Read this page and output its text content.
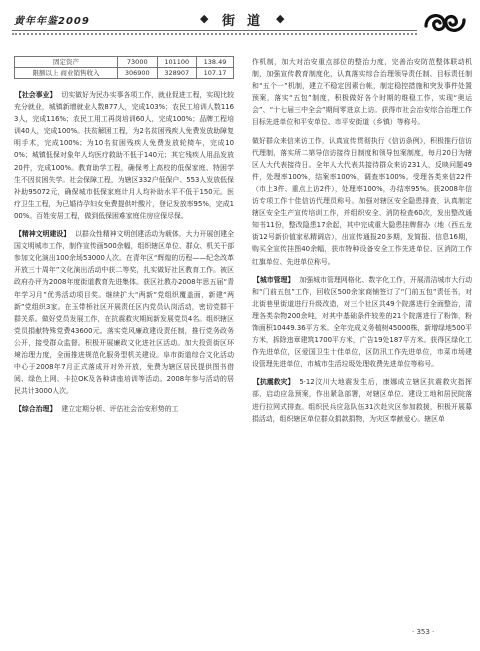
黄年年鉴2009	◆ 街道 ◆
固定资产	73000	101100	138.49
限额以上 商业销售收入	306900	328907	107.17

【社会事业】 切实做好为民办实事各项工作，就业促进工程，实现比较充分就业，城镇新增就业人数877人，完成103%；农民工培训人数1163人，完成116%；农民工用工再岗培训60人，完成100%；品牌工程培训40人，完成100%。扶贫解困工程，为2名贫困残疾人免费发放助障复明手术，完成100%；为10名贫困残疾人免费发放轮椅车，完成100%；城镇低保对象年人均医疗救助不低于140元；其它残疾人用品发放20件，完成100%。教育助学工程，确保考上高校的低保家庭、特困学生不因贫困失学。社会保障工程，为辖区332户低保户、553人发放低保补助95072元，确保城市低保家庭计月人均补助水平不低于150元。医疗卫生工程，为已婚待孕妇女免费提供叶酸片，登记发放率95%，完成100%。百姓安居工程，做到低保困难家庭住房应保尽保。

【精神文明建设】 以群众性精神文明创建活动为载体，大力开展创建全国文明城市工作，制作宣传画500余幅，组织辖区单位、群众、机关干部参加文化演出100余场53000人次。在青年区“辉煌的历程——纪念改革开放三十周年”文化演出活动中获二等奖，扎实做好社区教育工作。被区政府办评为2008年度街道教育先进集体。获区社教办2008年思五届“青年学习月”优秀活动项目奖。继续扩大“两新”党组织覆盖面，新建“两新”党组织3家。在玉带桥社区开展责任区内党员认岗活动，密切党群干群关系。做好党员发展工作，在抗震救灾期间新发展党员4名。组织辖区党员捐献特殊党费43600元。落实党风廉政建设责任制，推行党务政务公开，接受群众监督。积极开展廉政文化进社区活动。加大投资街区环境治理力度，全面推进规范化服务型机关建设。阜市街道综合文化活动中心于2008年7月正式落成开对外开放，免费为辖区居民提供图书借阅、绿色上网、卡拉OK及各种讲座培训等活动。2008年参与活动的居民共计3000人次。

【综合治理】 建立定期分析、评估社会治安形势的工

作机制，加大对治安重点部位的整治力度，完善治安防范整体联动机制，加强宣传教育制度化，认真落实综合治理领导责任制、目标责任制和“五个一”机制，建立不稳定因素台帐，制定稳控措施和突发事件处置预案，落实“五包”制度，积极做好各个时期的维稳工作，实现“奥运会”、“十七届三中全会”期间零进京上访。获得市社会治安综合治理工作目标先进单位和平安单位、市平安街道（乡镇）等称号。

做好群众来信来访工作，认真宣传贯彻执行《信访条例》，积极推行信访代理制，落实所二第导信访接待日制度和领导包案制度，每月20日为辖区人大代表接待日。全年人大代表共接待群众来访231人，反映问题49件，处理率100%，结案率100%，调查率100%。受理各类来信22件（市上3件、重点上访2件），处理率100%，办结率95%。获2008年信访专项工作十佳信访代理员称号。加强对辖区安全隐患排查，认真制定辖区安全生产宣传培训工作，并组织安全、消防检查60次，发出整改通知书11份，整改隐患17余起，其中完成重大隐患挂牌督办（地（西五龙街12号新价值家私精调店），出宣传通报20多期，发简报、信息16期，购买全宣传挂图40余幅，获市特种设备安全工作先进单位、区消防工作红旗单位、先进单位称号。

【城市管理】 加强城市管理网格化、数字化工作，开展清洁城市大行动和“门前五包”工作，回收区500余家商铺签订了“门前五包”责任书，对北街巷里街道进行升级改造，对三个社区共49个院落进行全面整治，清理各类杂物200余吨，对其中基础条件较差的21个院落进行了粉饰，粉饰面积10449.36平方米。全年完成义务植树45000株，新增绿地500平方米，拆除违章建筑1700平方米，广告19处187平方米。获得区绿化工作先进单位，区爱国卫生十佳单位，区防汛工作先进单位，市菜市场建设管理先进单位，市城市生活垃圾处理收费先进单位等称号。

【抗震救灾】 5·12汶川大地震发生后，康娜成立辖区抗震救灾指挥部，启动应急预案，作出紧急部署，对辖区单位、建设工地和居民院落进行拉网式排查。组织民兵应急队伍31次赴灾区参加救援，积极开展募捐活动，组织辖区单位群众捐款捐物，为灾区奉献爱心。辖区单

· 353 ·
